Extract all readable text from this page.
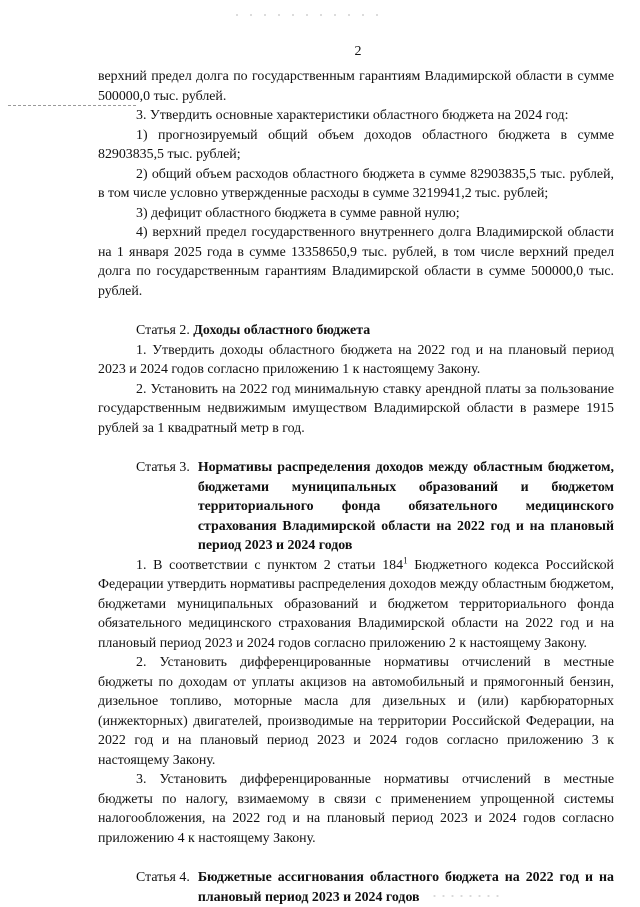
2

верхний предел долга по государственным гарантиям Владимирской области в сумме 500000,0 тыс. рублей.

3. Утвердить основные характеристики областного бюджета на 2024 год:

1) прогнозируемый общий объем доходов областного бюджета в сумме 82903835,5 тыс. рублей;

2) общий объем расходов областного бюджета в сумме 82903835,5 тыс. рублей, в том числе условно утвержденные расходы в сумме 3219941,2 тыс. рублей;

3) дефицит областного бюджета в сумме равной нулю;

4) верхний предел государственного внутреннего долга Владимирской области на 1 января 2025 года в сумме 13358650,9 тыс. рублей, в том числе верхний предел долга по государственным гарантиям Владимирской области в сумме 500000,0 тыс. рублей.

Статья 2. Доходы областного бюджета

1. Утвердить доходы областного бюджета на 2022 год и на плановый период 2023 и 2024 годов согласно приложению 1 к настоящему Закону.

2. Установить на 2022 год минимальную ставку арендной платы за пользование государственным недвижимым имуществом Владимирской области в размере 1915 рублей за 1 квадратный метр в год.

Статья 3. Нормативы распределения доходов между областным бюджетом, бюджетами муниципальных образований и бюджетом территориального фонда обязательного медицинского страхования Владимирской области на 2022 год и на плановый период 2023 и 2024 годов

1. В соответствии с пунктом 2 статьи $184^1$ Бюджетного кодекса Российской Федерации утвердить нормативы распределения доходов между областным бюджетом, бюджетами муниципальных образований и бюджетом территориального фонда обязательного медицинского страхования Владимирской области на 2022 год и на плановый период 2023 и 2024 годов согласно приложению 2 к настоящему Закону.

2. Установить дифференцированные нормативы отчислений в местные бюджеты по доходам от уплаты акцизов на автомобильный и прямогонный бензин, дизельное топливо, моторные масла для дизельных и (или) карбюраторных (инжекторных) двигателей, производимые на территории Российской Федерации, на 2022 год и на плановый период 2023 и 2024 годов согласно приложению 3 к настоящему Закону.

3. Установить дифференцированные нормативы отчислений в местные бюджеты по налогу, взимаемому в связи с применением упрощенной системы налогообложения, на 2022 год и на плановый период 2023 и 2024 годов согласно приложению 4 к настоящему Закону.

Статья 4. Бюджетные ассигнования областного бюджета на 2022 год и на плановый период 2023 и 2024 годов
